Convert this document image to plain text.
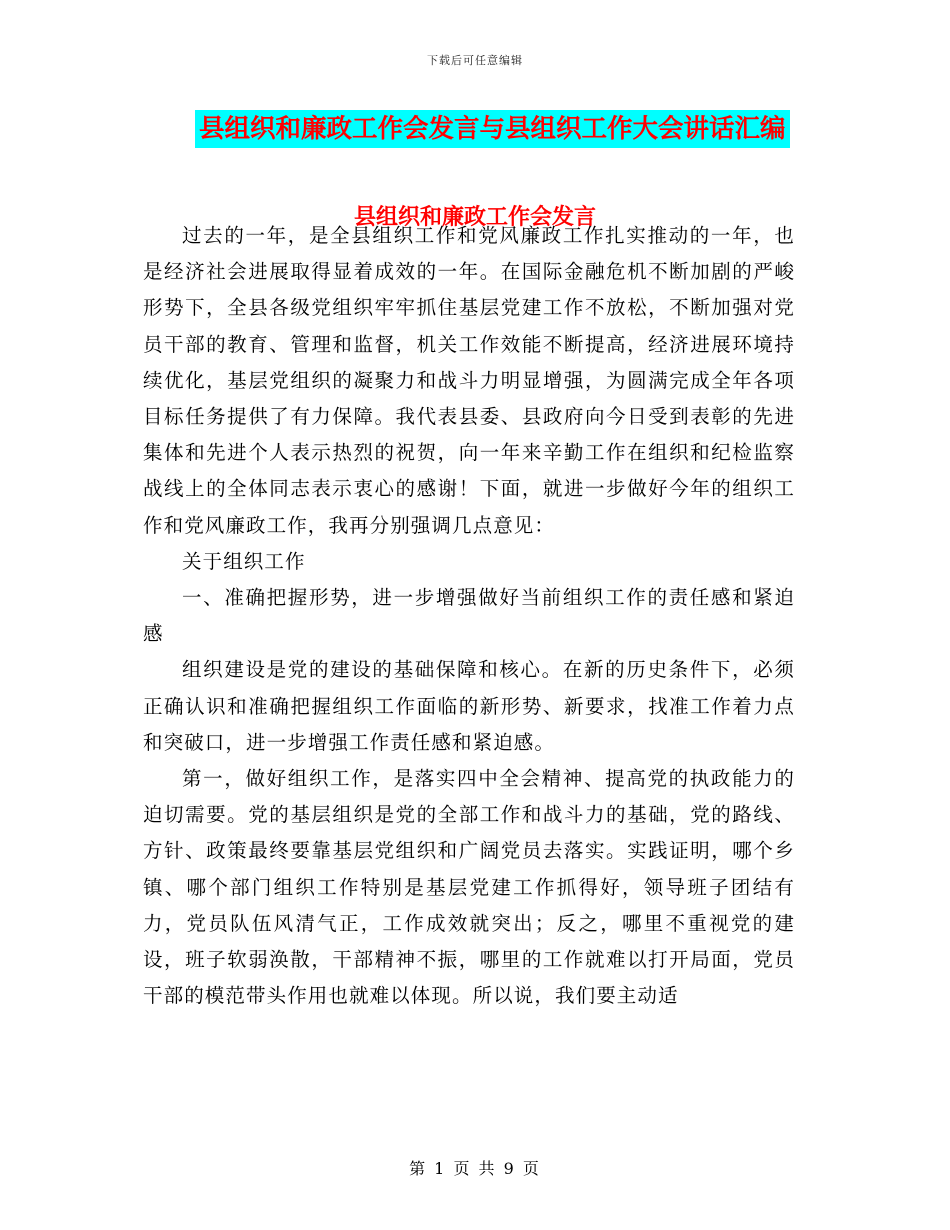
下载后可任意编辑
县组织和廉政工作会发言与县组织工作大会讲话汇编
县组织和廉政工作会发言

过去的一年，是全县组织工作和党风廉政工作扎实推动的一年，也是经济社会进展取得显着成效的一年。在国际金融危机不断加剧的严峻形势下，全县各级党组织牢牢抓住基层党建工作不放松，不断加强对党员干部的教育、管理和监督，机关工作效能不断提高，经济进展环境持续优化，基层党组织的凝聚力和战斗力明显增强，为圆满完成全年各项目标任务提供了有力保障。我代表县委、县政府向今日受到表彰的先进集体和先进个人表示热烈的祝贺，向一年来辛勤工作在组织和纪检监察战线上的全体同志表示衷心的感谢！下面，就进一步做好今年的组织工作和党风廉政工作，我再分别强调几点意见：

关于组织工作

一、准确把握形势，进一步增强做好当前组织工作的责任感和紧迫感

组织建设是党的建设的基础保障和核心。在新的历史条件下，必须正确认识和准确把握组织工作面临的新形势、新要求，找准工作着力点和突破口，进一步增强工作责任感和紧迫感。

第一，做好组织工作，是落实四中全会精神、提高党的执政能力的迫切需要。党的基层组织是党的全部工作和战斗力的基础，党的路线、方针、政策最终要靠基层党组织和广阔党员去落实。实践证明，哪个乡镇、哪个部门组织工作特别是基层党建工作抓得好，领导班子团结有力，党员队伍风清气正，工作成效就突出；反之，哪里不重视党的建设，班子软弱涣散，干部精神不振，哪里的工作就难以打开局面，党员干部的模范带头作用也就难以体现。所以说，我们要主动适

第 1 页 共 9 页
